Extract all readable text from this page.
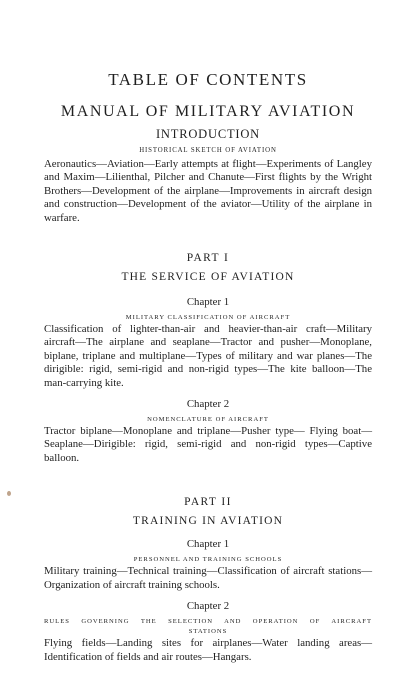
TABLE OF CONTENTS
MANUAL OF MILITARY AVIATION
INTRODUCTION
HISTORICAL SKETCH OF AVIATION

Aeronautics—Aviation—Early attempts at flight—Experiments of Langley and Maxim—Lilienthal, Pilcher and Chanute—First flights by the Wright Brothers—Development of the airplane—Improvements in aircraft design and construction—Development of the aviator—Utility of the airplane in warfare.

PART I
THE SERVICE OF AVIATION
Chapter 1
MILITARY CLASSIFICATION OF AIRCRAFT

Classification of lighter-than-air and heavier-than-air craft—Military aircraft—The airplane and seaplane—Tractor and pusher—Monoplane, biplane, triplane and multiplane—Types of military and war planes—The dirigible: rigid, semi-rigid and non-rigid types—The kite balloon—The man-carrying kite.

Chapter 2
NOMENCLATURE OF AIRCRAFT

Tractor biplane—Monoplane and triplane—Pusher type— Flying boat—Seaplane—Dirigible: rigid, semi-rigid and non-rigid types—Captive balloon.

PART II
TRAINING IN AVIATION
Chapter 1
PERSONNEL AND TRAINING SCHOOLS

Military training—Technical training—Classification of aircraft stations—Organization of aircraft training schools.

Chapter 2
RULES GOVERNING THE SELECTION AND OPERATION OF AIRCRAFT
STATIONS

Flying fields—Landing sites for airplanes—Water landing areas—Identification of fields and air routes—Hangars.
